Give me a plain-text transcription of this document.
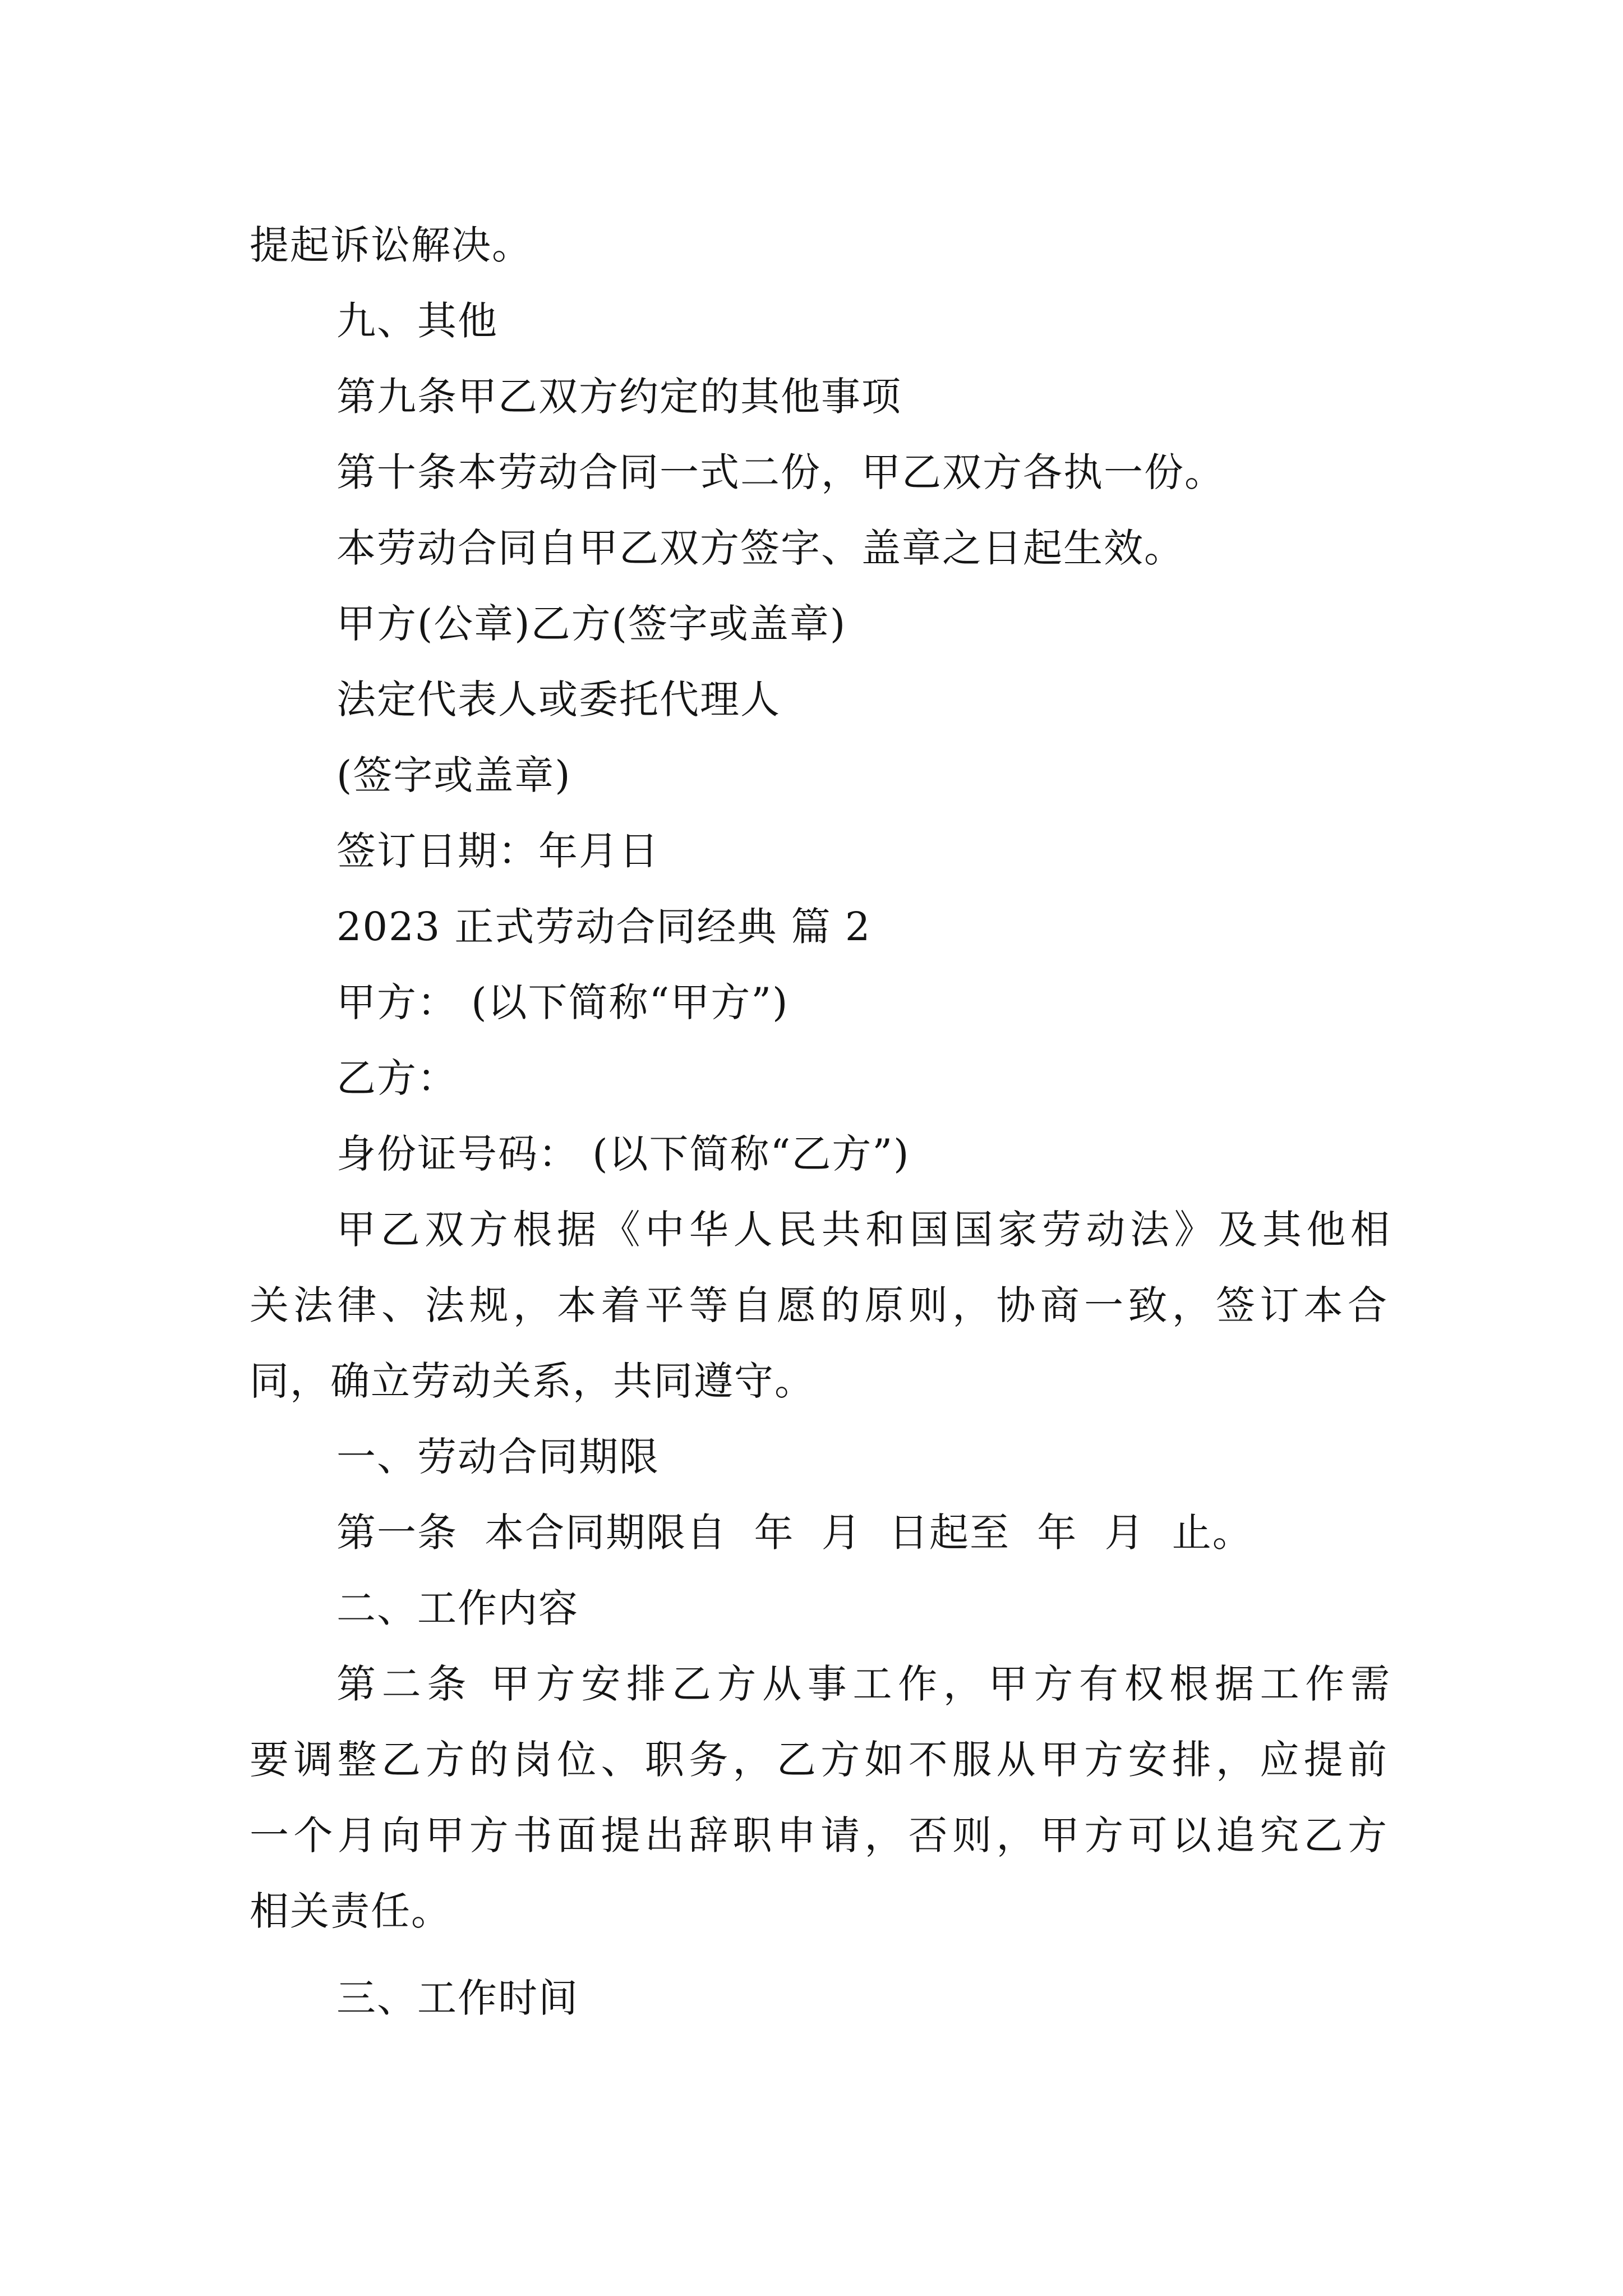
提起诉讼解决。
九、其他
第九条甲乙双方约定的其他事项
第十条本劳动合同一式二份，甲乙双方各执一份。
本劳动合同自甲乙双方签字、盖章之日起生效。
甲方(公章)乙方(签字或盖章)
法定代表人或委托代理人
(签字或盖章)
签订日期：年月日
2023 正式劳动合同经典 篇 2
甲方： (以下简称“甲方”)
乙方：
身份证号码： (以下简称“乙方”)
甲乙双方根据《中华人民共和国国家劳动法》及其他相
关法律、法规，本着平等自愿的原则，协商一致，签订本合
同，确立劳动关系，共同遵守。
一、劳动合同期限
第一条 本合同期限自 年 月 日起至 年 月 止。
二、工作内容
第二条 甲方安排乙方从事工作，甲方有权根据工作需
要调整乙方的岗位、职务，乙方如不服从甲方安排，应提前
一个月向甲方书面提出辞职申请，否则，甲方可以追究乙方
相关责任。
三、工作时间
